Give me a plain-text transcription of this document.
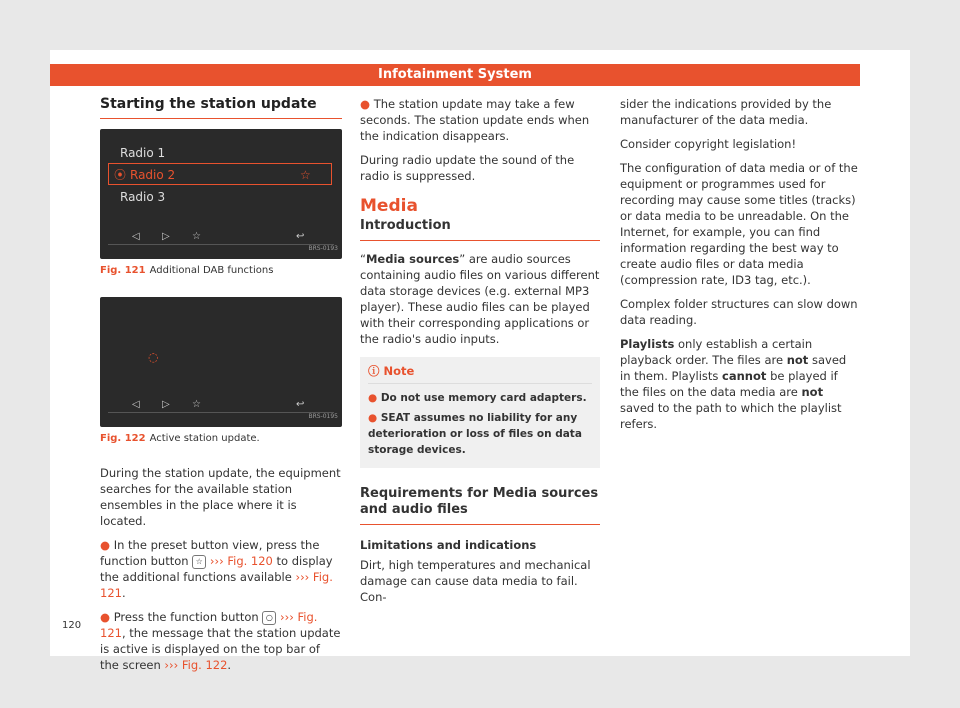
Infotainment System
Starting the station update
Radio 1
⦿ Radio 2	☆
Radio 3
◁ ▷ ☆	↩
BRS-0193
Fig. 121 Additional DAB functions
◌
◁ ▷ ☆	↩
BRS-0195
Fig. 122 Active station update.

During the station update, the equipment searches for the available station ensembles in the place where it is located.

● In the preset button view, press the function button ☆ ››› Fig. 120 to display the additional functions available ››› Fig. 121.

● Press the function button ○ ››› Fig. 121, the message that the station update is active is displayed on the top bar of the screen ››› Fig. 122.

● The station update may take a few seconds. The station update ends when the indication disappears.

During radio update the sound of the radio is suppressed.

Media
Introduction

“Media sources” are audio sources containing audio files on various different data storage devices (e.g. external MP3 player). These audio files can be played with their corresponding applications or the radio's audio inputs.

ⓘ Note
● Do not use memory card adapters.
● SEAT assumes no liability for any deterioration or loss of files on data storage devices.
Requirements for Media sources and audio files
Limitations and indications

Dirt, high temperatures and mechanical damage can cause data media to fail. Con-

sider the indications provided by the manufacturer of the data media.

Consider copyright legislation!

The configuration of data media or of the equipment or programmes used for recording may cause some titles (tracks) or data media to be unreadable. On the Internet, for example, you can find information regarding the best way to create audio files or data media (compression rate, ID3 tag, etc.).

Complex folder structures can slow down data reading.

Playlists only establish a certain playback order. The files are not saved in them. Playlists cannot be played if the files on the data media are not saved to the path to which the playlist refers.

120
